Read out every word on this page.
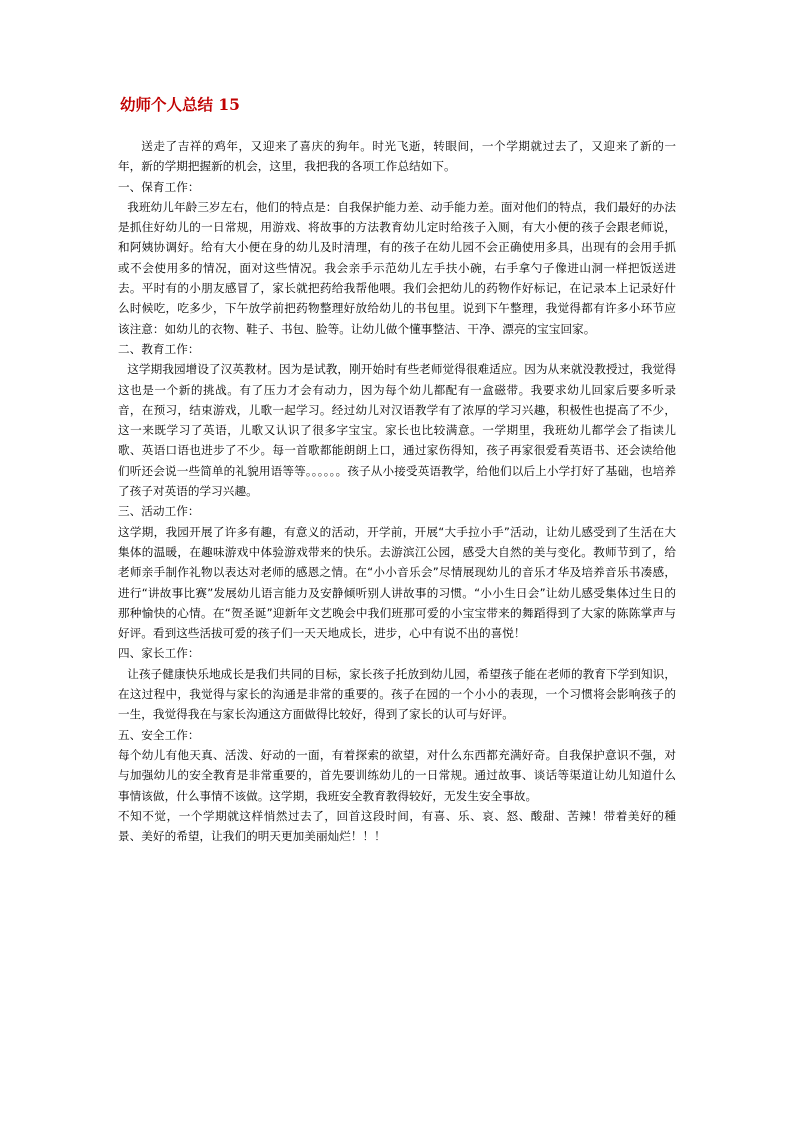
幼师个人总结 15

送走了吉祥的鸡年，又迎来了喜庆的狗年。时光飞逝，转眼间，一个学期就过去了，又迎来了新的一年，新的学期把握新的机会，这里，我把我的各项工作总结如下。

一、保育工作：

我班幼儿年龄三岁左右，他们的特点是：自我保护能力差、动手能力差。面对他们的特点，我们最好的办法是抓住好幼儿的一日常规，用游戏、将故事的方法教育幼儿定时给孩子入厕，有大小便的孩子会跟老师说，和阿姨协调好。给有大小便在身的幼儿及时清理，有的孩子在幼儿园不会正确使用多具，出现有的会用手抓或不会使用多的情况，面对这些情况。我会亲手示范幼儿左手扶小碗，右手拿勺子像进山洞一样把饭送进去。平时有的小朋友感冒了，家长就把药给我帮他喂。我们会把幼儿的药物作好标记，在记录本上记录好什么时候吃，吃多少，下午放学前把药物整理好放给幼儿的书包里。说到下午整理，我觉得都有许多小环节应该注意：如幼儿的衣物、鞋子、书包、脸等。让幼儿做个懂事整洁、干净、漂亮的宝宝回家。

二、教育工作：

这学期我园增设了汉英教材。因为是试教，刚开始时有些老师觉得很难适应。因为从来就没教授过，我觉得这也是一个新的挑战。有了压力才会有动力，因为每个幼儿都配有一盒磁带。我要求幼儿回家后要多听录音，在预习，结束游戏，儿歌一起学习。经过幼儿对汉语教学有了浓厚的学习兴趣，积极性也提高了不少，这一来既学习了英语，儿歌又认识了很多字宝宝。家长也比较满意。一学期里，我班幼儿都学会了指读儿歌、英语口语也进步了不少。每一首歌都能朗朗上口，通过家伤得知，孩子再家很爱看英语书、还会读给他们听还会说一些简单的礼貌用语等等。。。。。。孩子从小接受英语教学，给他们以后上小学打好了基础，也培养了孩子对英语的学习兴趣。

三、活动工作：

这学期，我园开展了许多有趣，有意义的活动，开学前，开展“大手拉小手”活动，让幼儿感受到了生活在大集体的温暖，在趣味游戏中体验游戏带来的快乐。去游滨江公园，感受大自然的美与变化。教师节到了，给老师亲手制作礼物以表达对老师的感恩之情。在“小小音乐会”尽情展现幼儿的音乐才华及培养音乐书凑感，进行“讲故事比赛”发展幼儿语言能力及安静倾听别人讲故事的习惯。“小小生日会”让幼儿感受集体过生日的那种愉快的心情。在“贺圣诞”迎新年文艺晚会中我们班那可爱的小宝宝带来的舞蹈得到了大家的陈陈掌声与好评。看到这些活拔可爱的孩子们一天天地成长，进步，心中有说不出的喜悦！

四、家长工作：

让孩子健康快乐地成长是我们共同的目标，家长孩子托放到幼儿园，希望孩子能在老师的教育下学到知识，在这过程中，我觉得与家长的沟通是非常的重要的。孩子在园的一个小小的表现，一个习惯将会影响孩子的一生，我觉得我在与家长沟通这方面做得比较好，得到了家长的认可与好评。

五、安全工作：

每个幼儿有他天真、活泼、好动的一面，有着探索的欲望，对什么东西都充满好奇。自我保护意识不强，对与加强幼儿的安全教育是非常重要的，首先要训练幼儿的一日常规。通过故事、谈话等渠道让幼儿知道什么事情该做，什么事情不该做。这学期，我班安全教育教得较好，无发生安全事故。

不知不觉，一个学期就这样悄然过去了，回首这段时间，有喜、乐、哀、怒、酸甜、苦辣！带着美好的種景、美好的希望，让我们的明天更加美丽灿烂！！！
